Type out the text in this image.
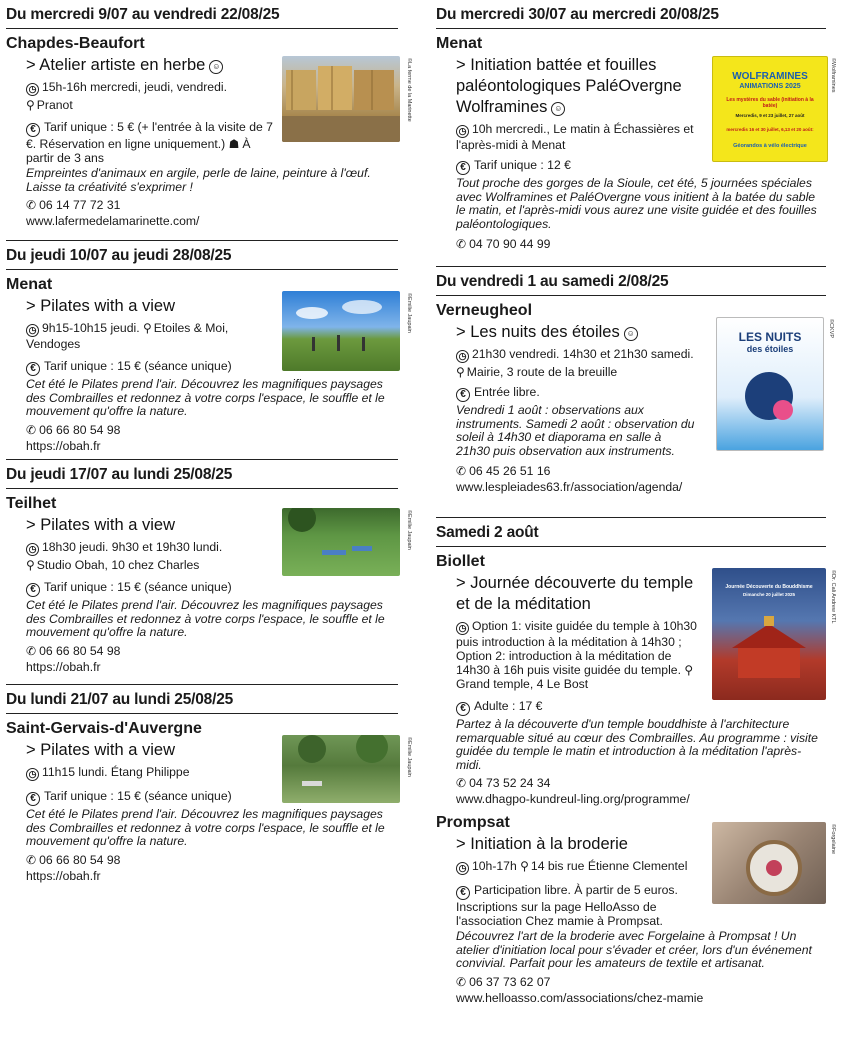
Du mercredi 9/07 au vendredi 22/08/25
Chapdes-Beaufort
> Atelier artiste en herbe ☺
◷ 15h-16h mercredi, jeudi, vendredi.
⚲ Pranot
€ Tarif unique : 5 € (+ l'entrée à la visite de 7 €. Réservation en ligne uniquement.) ☗ À partir de 3 ans
Empreintes d'animaux en argile, perle de laine, peinture à l'œuf. Laisse ta créativité s'exprimer !
✆ 06 14 77 72 31
www.lafermedelamarinette.com/
©La ferme de la Marinette
Du jeudi 10/07 au jeudi 28/08/25
Menat
> Pilates with a view
◷ 9h15-10h15 jeudi. ⚲ Etoiles & Moi, Vendoges
€ Tarif unique : 15 € (séance unique)
Cet été le Pilates prend l'air. Découvrez les magnifiques paysages des Combrailles et redonnez à votre corps l'espace, le souffle et le mouvement qu'offre la nature.
✆ 06 66 80 54 98
https://obah.fr
©Emilie Jaupain
Du jeudi 17/07 au lundi 25/08/25
Teilhet
> Pilates with a view
◷ 18h30 jeudi. 9h30 et 19h30 lundi.
⚲ Studio Obah, 10 chez Charles
€ Tarif unique : 15 € (séance unique)
Cet été le Pilates prend l'air. Découvrez les magnifiques paysages des Combrailles et redonnez à votre corps l'espace, le souffle et le mouvement qu'offre la nature.
✆ 06 66 80 54 98
https://obah.fr
©Emilie Jaupain
Du lundi 21/07 au lundi 25/08/25
Saint-Gervais-d'Auvergne
> Pilates with a view
◷ 11h15 lundi. Étang Philippe
€ Tarif unique : 15 € (séance unique)
Cet été le Pilates prend l'air. Découvrez les magnifiques paysages des Combrailles et redonnez à votre corps l'espace, le souffle et le mouvement qu'offre la nature.
✆ 06 66 80 54 98
https://obah.fr
©Emilie Jaupain
Du mercredi 30/07 au mercredi 20/08/25
Menat
> Initiation battée et fouilles paléontologiques PaléOvergne Wolframines ☺
◷ 10h mercredi., Le matin à Échassières et l'après-midi à Menat
€ Tarif unique : 12 €
Tout proche des gorges de la Sioule, cet été, 5 journées spéciales avec Wolframines et PaléOvergne vous initient à la batée du sable le matin, et l'après-midi vous aurez une visite guidée et des fouilles paléontologiques.
✆ 04 70 90 44 99
WOLFRAMINES
ANIMATIONS 2025
Les mystères du sable (initiation à la batée)
Mercredis, 9 et 23 juillet, 27 août
mercredis 16 et 30 juillet, 6,13 et 20 août:
Géorandos à vélo électrique
©Wolframines
Du vendredi 1 au samedi 2/08/25
Verneugheol
> Les nuits des étoiles ☺
◷ 21h30 vendredi. 14h30 et 21h30 samedi.
⚲ Mairie, 3 route de la breuille
€ Entrée libre.
Vendredi 1 août : observations aux instruments. Samedi 2 août : observation du soleil à 14h30 et diaporama en salle à 21h30 puis observation aux instruments.
✆ 06 45 26 51 16
www.lespleiades63.fr/association/agenda/
LES NUITS
des étoiles
©CKVP
Samedi 2 août
Biollet
> Journée découverte du temple et de la méditation
◷ Option 1: visite guidée du temple à 10h30 puis introduction à la méditation à 14h30 ; Option 2: introduction à la méditation de 14h30 à 16h puis visite guidée du temple. ⚲Grand temple, 4 Le Bost
€ Adulte : 17 €
Partez à la découverte d'un temple bouddhiste à l'architecture remarquable situé au cœur des Combrailles. Au programme : visite guidée du temple le matin et introduction à la méditation l'après-midi.
✆ 04 73 52 24 34
www.dhagpo-kundreul-ling.org/programme/
Journée Découverte du Bouddhisme
Dimanche 20 juillet 2025	©Dr. Cali Andrew KTL
Prompsat
> Initiation à la broderie
◷ 10h-17h ⚲ 14 bis rue Étienne Clementel
€ Participation libre. À partir de 5 euros. Inscriptions sur la page HelloAsso de l'association Chez mamie à Prompsat.
Découvrez l'art de la broderie avec Forgelaine à Prompsat ! Un atelier d'initiation local pour s'évader et créer, lors d'un événement convivial. Parfait pour les amateurs de textile et artisanat.
✆ 06 37 73 62 07
www.helloasso.com/associations/chez-mamie
©Forgelaine
